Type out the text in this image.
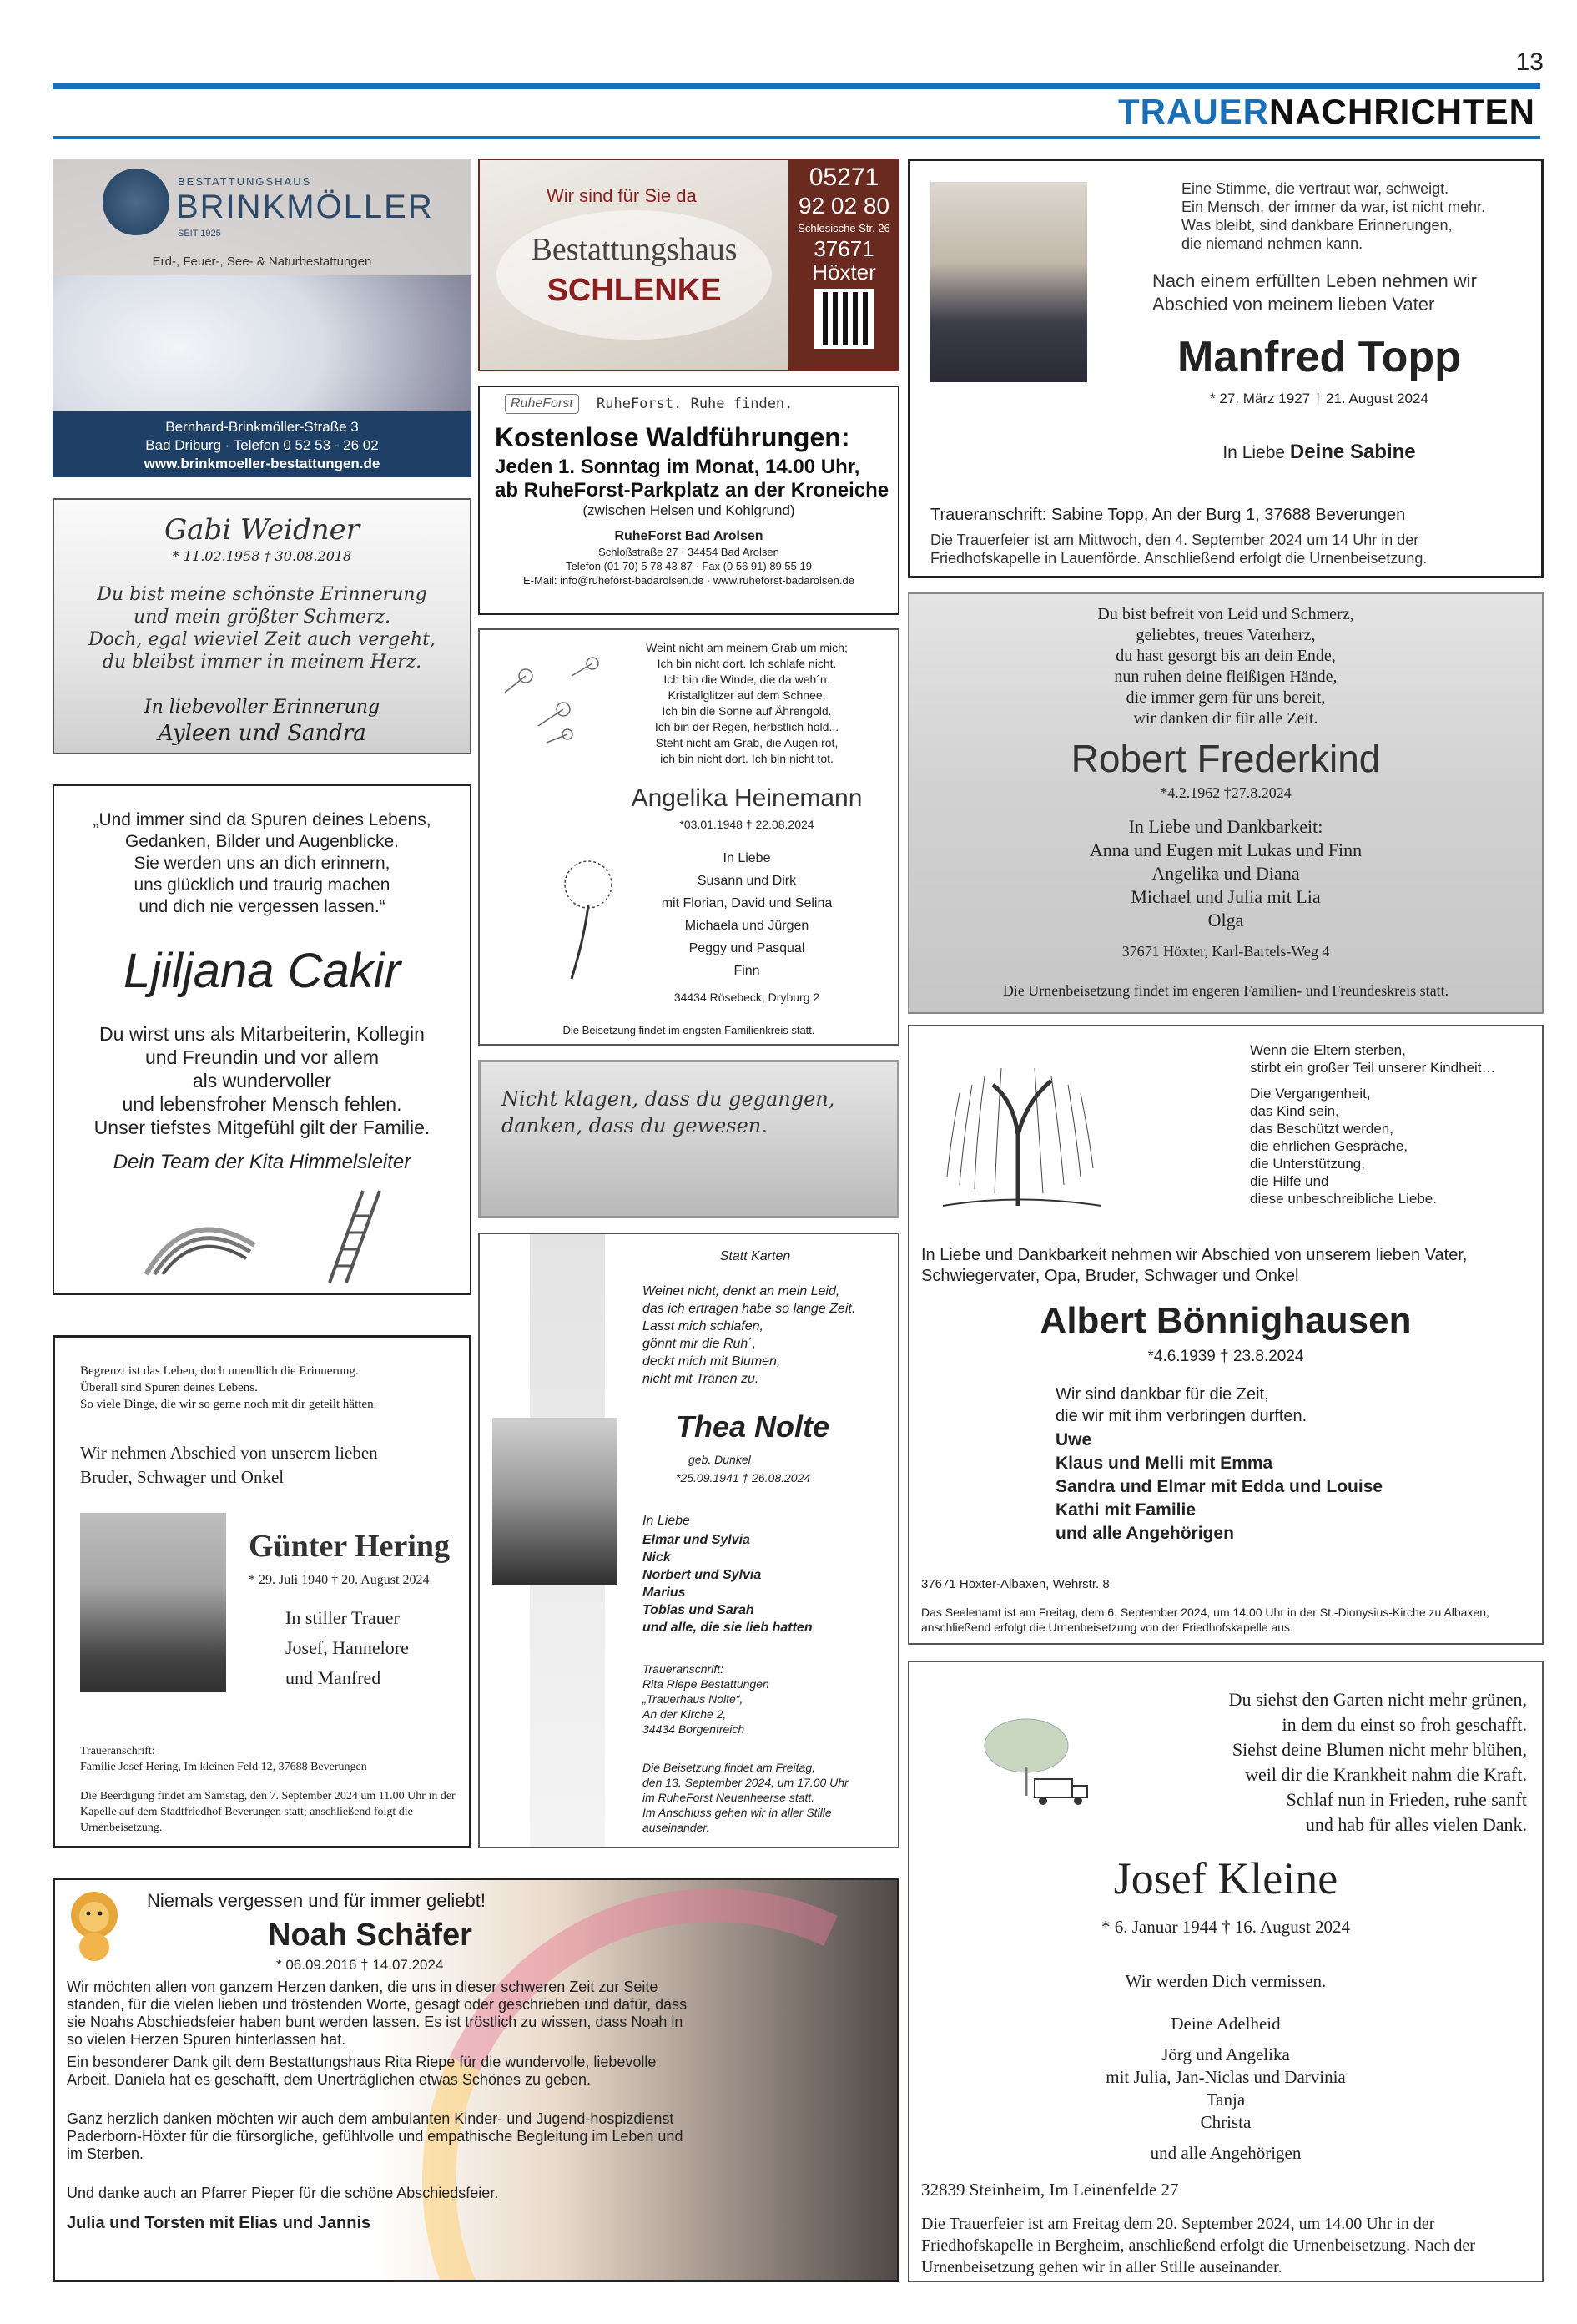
13
TRAUERNACHRICHTEN
BESTATTUNGSHAUS
BRINKMÖLLER
SEIT 1925
Erd-, Feuer-, See- & Naturbestattungen
Bernhard-Brinkmöller-Straße 3
Bad Driburg · Telefon 0 52 53 - 26 02
www.brinkmoeller-bestattungen.de
Wir sind für Sie da
Bestattungshaus
SCHLENKE
05271
92 02 80
Schlesische Str. 26
37671
Höxter
RuheForst	RuheForst. Ruhe finden.
Kostenlose Waldführungen:
Jeden 1. Sonntag im Monat, 14.00 Uhr,
ab RuheForst-Parkplatz an der Kroneiche
(zwischen Helsen und Kohlgrund)
RuheForst Bad Arolsen
Schloßstraße 27 · 34454 Bad Arolsen
Telefon (01 70) 5 78 43 87 · Fax (0 56 91) 89 55 19
E-Mail: info@ruheforst-badarolsen.de · www.ruheforst-badarolsen.de
Gabi Weidner
* 11.02.1958 † 30.08.2018
Du bist meine schönste Erinnerung
und mein größter Schmerz.
Doch, egal wieviel Zeit auch vergeht,
du bleibst immer in meinem Herz.
In liebevoller Erinnerung
Ayleen und Sandra
„Und immer sind da Spuren deines Lebens,
Gedanken, Bilder und Augenblicke.
Sie werden uns an dich erinnern,
uns glücklich und traurig machen
und dich nie vergessen lassen.“
Ljiljana Cakir
Du wirst uns als Mitarbeiterin, Kollegin
und Freundin und vor allem
als wundervoller
und lebensfroher Mensch fehlen.
Unser tiefstes Mitgefühl gilt der Familie.
Dein Team der Kita Himmelsleiter
Weint nicht am meinem Grab um mich;
Ich bin nicht dort. Ich schlafe nicht.
Ich bin die Winde, die da weh´n.
Kristallglitzer auf dem Schnee.
Ich bin die Sonne auf Ährengold.
Ich bin der Regen, herbstlich hold...
Steht nicht am Grab, die Augen rot,
ich bin nicht dort. Ich bin nicht tot.
Angelika Heinemann
*03.01.1948 † 22.08.2024
In Liebe
Susann und Dirk
mit Florian, David und Selina
Michaela und Jürgen
Peggy und Pasqual
Finn
34434 Rösebeck, Dryburg 2
Die Beisetzung findet im engsten Familienkreis statt.
Nicht klagen, dass du gegangen,
danken, dass du gewesen.
Eine Stimme, die vertraut war, schweigt.
Ein Mensch, der immer da war, ist nicht mehr.
Was bleibt, sind dankbare Erinnerungen,
die niemand nehmen kann.
Nach einem erfüllten Leben nehmen wir Abschied von meinem lieben Vater
Manfred Topp
* 27. März 1927 † 21. August 2024
In Liebe Deine Sabine
Traueranschrift: Sabine Topp, An der Burg 1, 37688 Beverungen
Die Trauerfeier ist am Mittwoch, den 4. September 2024 um 14 Uhr in der Friedhofskapelle in Lauenförde. Anschließend erfolgt die Urnenbeisetzung.
Du bist befreit von Leid und Schmerz,
geliebtes, treues Vaterherz,
du hast gesorgt bis an dein Ende,
nun ruhen deine fleißigen Hände,
die immer gern für uns bereit,
wir danken dir für alle Zeit.
Robert Frederkind
*4.2.1962 †27.8.2024
In Liebe und Dankbarkeit:
Anna und Eugen mit Lukas und Finn
Angelika und Diana
Michael und Julia mit Lia
Olga
37671 Höxter, Karl-Bartels-Weg 4
Die Urnenbeisetzung findet im engeren Familien- und Freundeskreis statt.
Wenn die Eltern sterben,
stirbt ein großer Teil unserer Kindheit…
Die Vergangenheit,
das Kind sein,
das Beschützt werden,
die ehrlichen Gespräche,
die Unterstützung,
die Hilfe und
diese unbeschreibliche Liebe.
In Liebe und Dankbarkeit nehmen wir Abschied von unserem lieben Vater,
Schwiegervater, Opa, Bruder, Schwager und Onkel
Albert Bönnighausen
*4.6.1939 † 23.8.2024
Wir sind dankbar für die Zeit,
die wir mit ihm verbringen durften.
Uwe
Klaus und Melli mit Emma
Sandra und Elmar mit Edda und Louise
Kathi mit Familie
und alle Angehörigen
37671 Höxter-Albaxen, Wehrstr. 8
Das Seelenamt ist am Freitag, dem 6. September 2024, um 14.00 Uhr in der St.-Dionysius-Kirche zu Albaxen, anschließend erfolgt die Urnenbeisetzung von der Friedhofskapelle aus.
Begrenzt ist das Leben, doch unendlich die Erinnerung.
Überall sind Spuren deines Lebens.
So viele Dinge, die wir so gerne noch mit dir geteilt hätten.
Wir nehmen Abschied von unserem lieben Bruder, Schwager und Onkel
Günter Hering
* 29. Juli 1940 † 20. August 2024
In stiller Trauer
Josef, Hannelore
und Manfred
Traueranschrift:
Familie Josef Hering, Im kleinen Feld 12, 37688 Beverungen
Die Beerdigung findet am Samstag, den 7. September 2024 um 11.00 Uhr in der Kapelle auf dem Stadtfriedhof Beverungen statt; anschließend folgt die Urnenbeisetzung.
Statt Karten
Weinet nicht, denkt an mein Leid,
das ich ertragen habe so lange Zeit.
Lasst mich schlafen,
gönnt mir die Ruh´,
deckt mich mit Blumen,
nicht mit Tränen zu.
Thea Nolte
geb. Dunkel
*25.09.1941 † 26.08.2024
In Liebe
Elmar und Sylvia
Nick
Norbert und Sylvia
Marius
Tobias und Sarah
und alle, die sie lieb hatten
Traueranschrift:
Rita Riepe Bestattungen
„Trauerhaus Nolte“,
An der Kirche 2,
34434 Borgentreich
Die Beisetzung findet am Freitag,
den 13. September 2024, um 17.00 Uhr
im RuheForst Neuenheerse statt.
Im Anschluss gehen wir in aller Stille
auseinander.
Du siehst den Garten nicht mehr grünen,
in dem du einst so froh geschafft.
Siehst deine Blumen nicht mehr blühen,
weil dir die Krankheit nahm die Kraft.
Schlaf nun in Frieden, ruhe sanft
und hab für alles vielen Dank.
Josef Kleine
* 6. Januar 1944 † 16. August 2024
Wir werden Dich vermissen.
Deine Adelheid
Jörg und Angelika
mit Julia, Jan-Niclas und Darvinia
Tanja
Christa
und alle Angehörigen
32839 Steinheim, Im Leinenfelde 27
Die Trauerfeier ist am Freitag dem 20. September 2024, um 14.00 Uhr in der Friedhofskapelle in Bergheim, anschließend erfolgt die Urnenbeisetzung. Nach der Urnenbeisetzung gehen wir in aller Stille auseinander.
Niemals vergessen und für immer geliebt!
Noah Schäfer
* 06.09.2016 † 14.07.2024
Wir möchten allen von ganzem Herzen danken, die uns in dieser schweren Zeit zur Seite standen, für die vielen lieben und tröstenden Worte, gesagt oder geschrieben und dafür, dass sie Noahs Abschiedsfeier haben bunt werden lassen. Es ist tröstlich zu wissen, dass Noah in so vielen Herzen Spuren hinterlassen hat.
Ein besonderer Dank gilt dem Bestattungshaus Rita Riepe für die wundervolle, liebevolle Arbeit. Daniela hat es geschafft, dem Unerträglichen etwas Schönes zu geben.
Ganz herzlich danken möchten wir auch dem ambulanten Kinder- und Jugend-hospizdienst Paderborn-Höxter für die fürsorgliche, gefühlvolle und empathische Begleitung im Leben und im Sterben.
Und danke auch an Pfarrer Pieper für die schöne Abschiedsfeier.
Julia und Torsten mit Elias und Jannis
